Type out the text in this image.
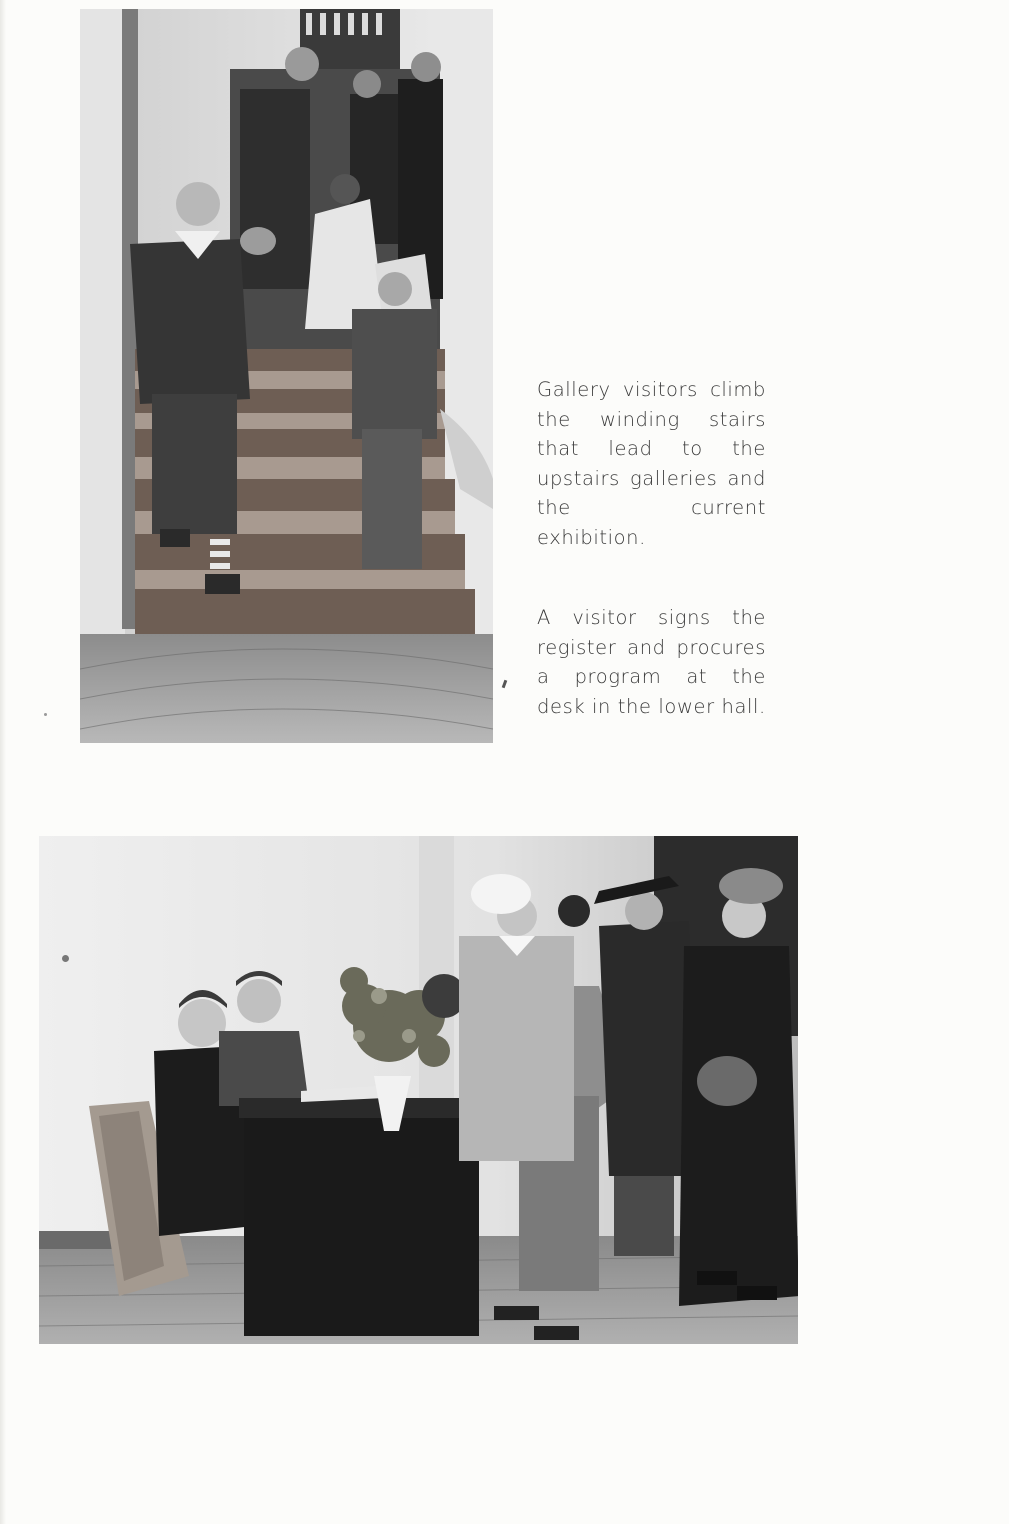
Gallery visitors climb the winding stairs that lead to the upstairs galleries and the current exhibition.

A visitor signs the register and procures a program at the desk in the lower hall.
